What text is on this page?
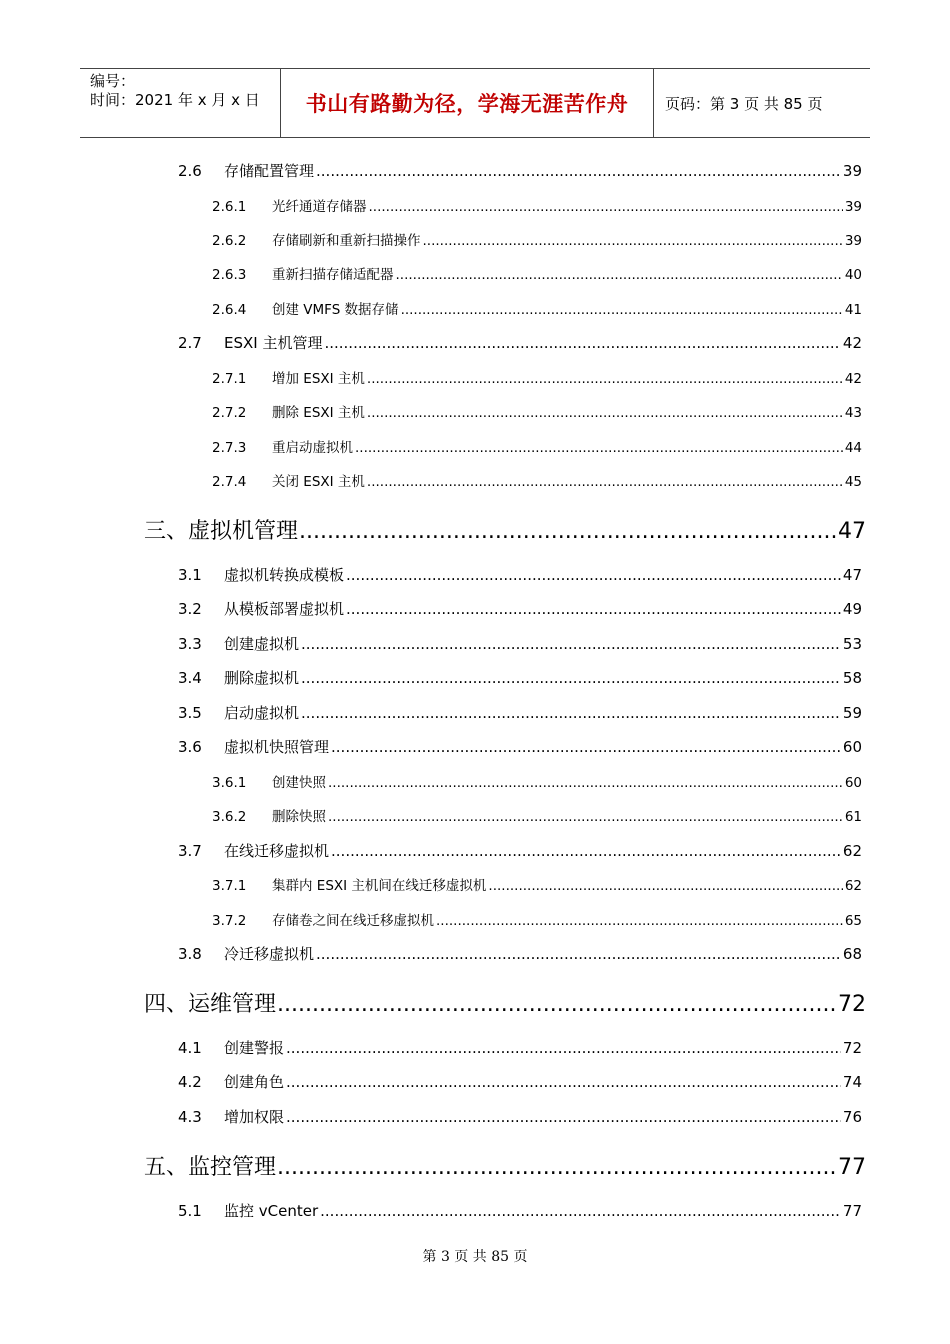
编号：
时间：2021 年 x 月 x 日 书山有路勤为径，学海无涯苦作舟	页码：第 3 页 共 85 页
2.6	存储配置管理 .....	39
2.6.1	光纤通道存储器 .....	39
2.6.2	存储刷新和重新扫描操作 .....	39
2.6.3	重新扫描存储适配器 .....	40
2.6.4	创建 VMFS 数据存储 .....	41
2.7	ESXI 主机管理 .....	42
2.7.1	增加 ESXI 主机 .....	42
2.7.2	删除 ESXI 主机 .....	43
2.7.3	重启动虚拟机 .....	44
2.7.4	关闭 ESXI 主机 .....	45
三、虚拟机管理 .....	47
3.1	虚拟机转换成模板 .....	47
3.2	从模板部署虚拟机 .....	49
3.3	创建虚拟机 .....	53
3.4	删除虚拟机 .....	58
3.5	启动虚拟机 .....	59
3.6	虚拟机快照管理 .....	60
3.6.1	创建快照 .....	60
3.6.2	删除快照 .....	61
3.7	在线迁移虚拟机 .....	62
3.7.1	集群内 ESXI 主机间在线迁移虚拟机 .....	62
3.7.2	存储卷之间在线迁移虚拟机 .....	65
3.8	冷迁移虚拟机 .....	68
四、运维管理 .....	72
4.1	创建警报 .....	72
4.2	创建角色 .....	74
4.3	增加权限 .....	76
五、监控管理 .....	77
5.1	监控 vCenter .....	77
第 3 页 共 85 页
